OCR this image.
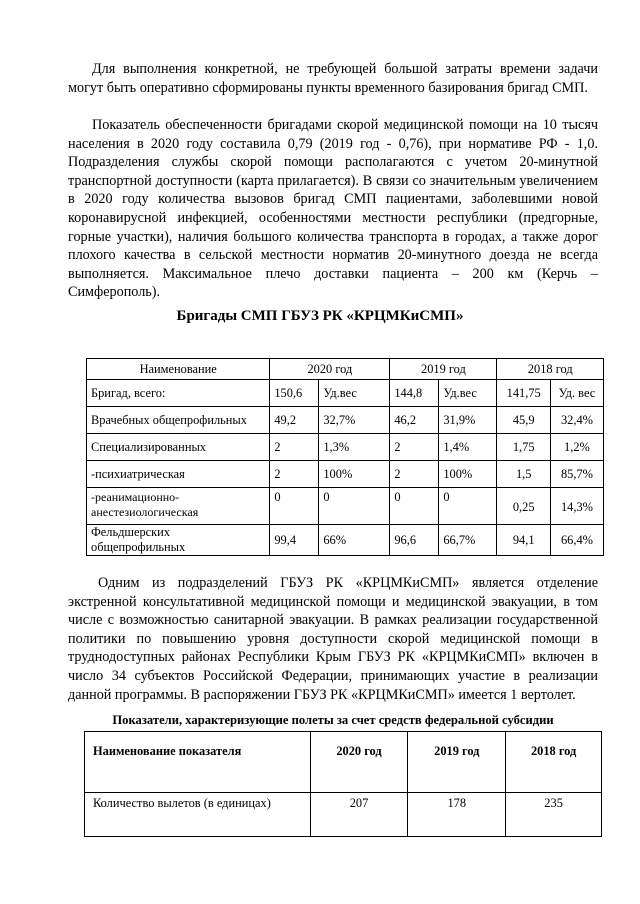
Для выполнения конкретной, не требующей большой затраты времени задачи могут быть оперативно сформированы пункты временного базирования бригад СМП.

Показатель обеспеченности бригадами скорой медицинской помощи на 10 тысяч населения в 2020 году составила 0,79 (2019 год - 0,76), при нормативе РФ - 1,0. Подразделения службы скорой помощи располагаются с учетом 20-минутной транспортной доступности (карта прилагается). В связи со значительным увеличением в 2020 году количества вызовов бригад СМП пациентами, заболевшими новой коронавирусной инфекцией, особенностями местности республики (предгорные, горные участки), наличия большого количества транспорта в городах, а также дорог плохого качества в сельской местности норматив 20-минутного доезда не всегда выполняется. Максимальное плечо доставки пациента – 200 км (Керчь – Симферополь).

Бригады СМП ГБУЗ РК «КРЦМКиСМП»

Наименование	2020 год		2019 год		2018 год	
Бригад, всего:	150,6	Уд.вес	144,8	Уд.вес	141,75	Уд. вес
Врачебных общепрофильных	49,2	32,7%	46,2	31,9%	45,9	32,4%
Специализированных	2	1,3%	2	1,4%	1,75	1,2%
-психиатрическая	2	100%	2	100%	1,5	85,7%
-реанимационно-анестезиологическая	0	0	0	0	0,25	14,3%
Фельдшерских общепрофильных	99,4	66%	96,6	66,7%	94,1	66,4%

Одним из подразделений ГБУЗ РК «КРЦМКиСМП» является отделение экстренной консультативной медицинской помощи и медицинской эвакуации, в том числе с возможностью санитарной эвакуации. В рамках реализации государственной политики по повышению уровня доступности скорой медицинской помощи в труднодоступных районах Республики Крым ГБУЗ РК «КРЦМКиСМП» включен в число 34 субъектов Российской Федерации, принимающих участие в реализации данной программы. В распоряжении ГБУЗ РК «КРЦМКиСМП» имеется 1 вертолет.

Показатели, характеризующие полеты за счет средств федеральной субсидии

Наименование показателя	2020 год	2019 год	2018 год
Количество вылетов (в единицах)	207	178	235
